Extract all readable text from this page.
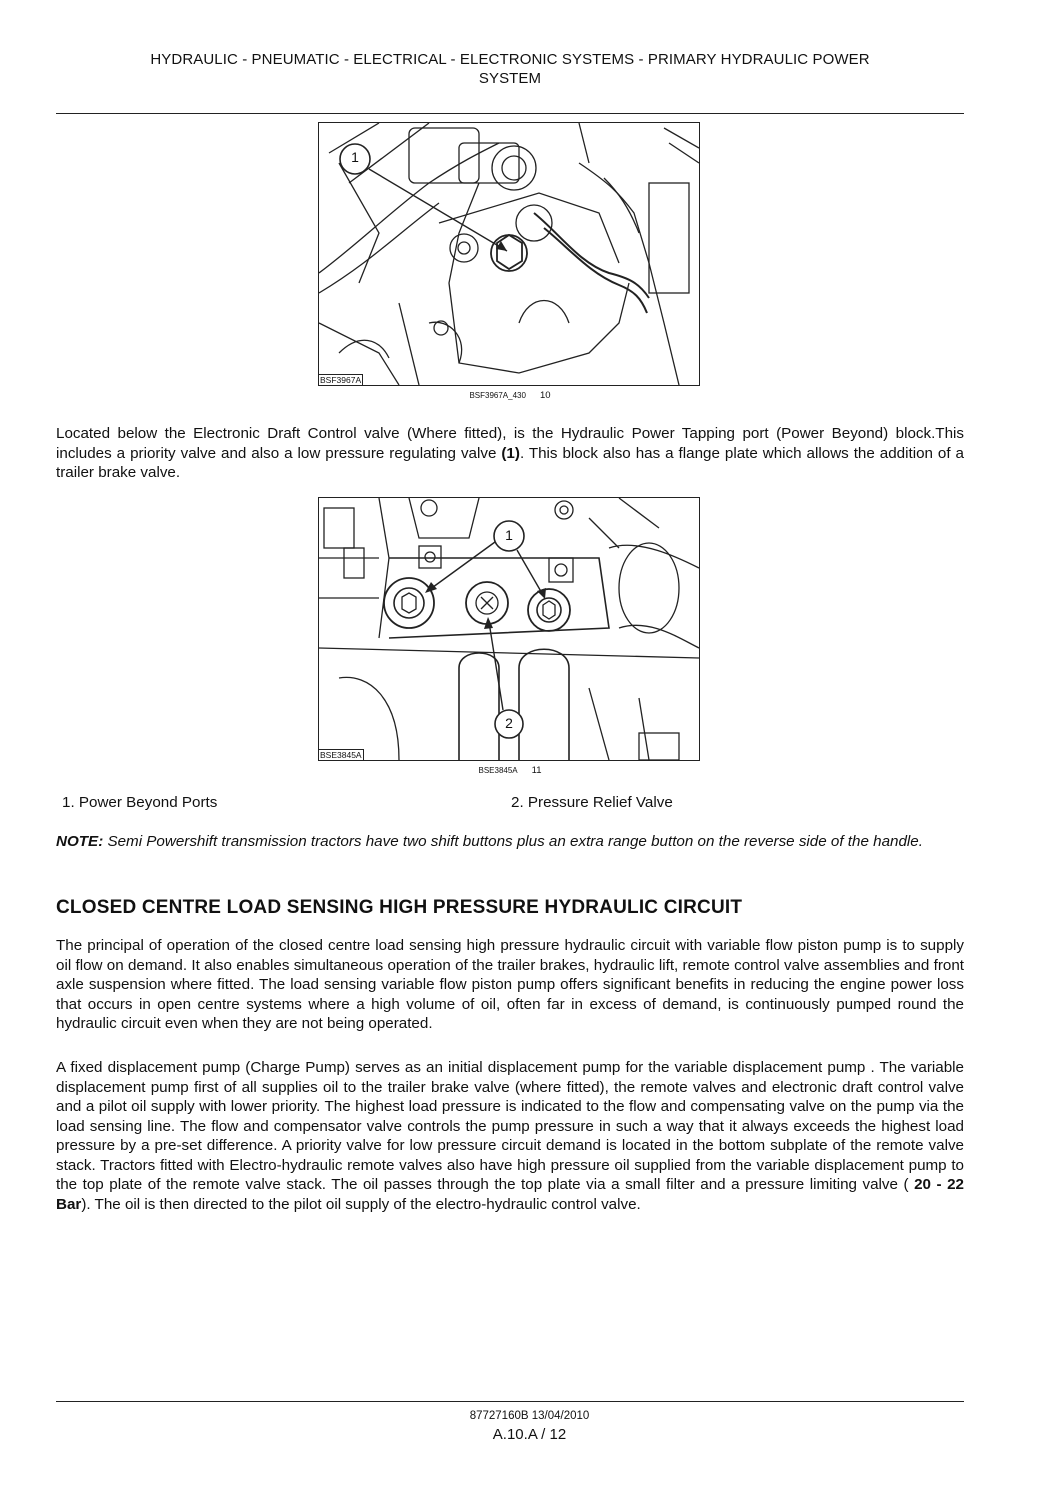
HYDRAULIC - PNEUMATIC - ELECTRICAL - ELECTRONIC SYSTEMS - PRIMARY HYDRAULIC POWER
SYSTEM
1
BSF3967A
BSF3967A_430 10
Located below the Electronic Draft Control valve (Where fitted), is the Hydraulic Power Tapping port (Power Beyond) block.This includes a priority valve and also a low pressure regulating valve (1). This block also has a flange plate which allows the addition of a trailer brake valve.
1
2
BSE3845A
BSE3845A 11
1. Power Beyond Ports	2. Pressure Relief Valve
NOTE: Semi Powershift transmission tractors have two shift buttons plus an extra range button on the reverse side of the handle.
CLOSED CENTRE LOAD SENSING HIGH PRESSURE HYDRAULIC CIRCUIT
The principal of operation of the closed centre load sensing high pressure hydraulic circuit with variable flow piston pump is to supply oil flow on demand. It also enables simultaneous operation of the trailer brakes, hydraulic lift, remote control valve assemblies and front axle suspension where fitted. The load sensing variable flow piston pump offers significant benefits in reducing the engine power loss that occurs in open centre systems where a high volume of oil, often far in excess of demand, is continuously pumped round the hydraulic circuit even when they are not being operated.
A fixed displacement pump (Charge Pump) serves as an initial displacement pump for the variable displacement pump . The variable displacement pump first of all supplies oil to the trailer brake valve (where fitted), the remote valves and electronic draft control valve and a pilot oil supply with lower priority. The highest load pressure is indicated to the flow and compensating valve on the pump via the load sensing line. The flow and compensator valve controls the pump pressure in such a way that it always exceeds the highest load pressure by a pre-set difference. A priority valve for low pressure circuit demand is located in the bottom subplate of the remote valve stack. Tractors fitted with Electro-hydraulic remote valves also have high pressure oil supplied from the variable displacement pump to the top plate of the remote valve stack. The oil passes through the top plate via a small filter and a pressure limiting valve ( 20 - 22 Bar). The oil is then directed to the pilot oil supply of the electro-hydraulic control valve.
87727160B 13/04/2010
A.10.A / 12
